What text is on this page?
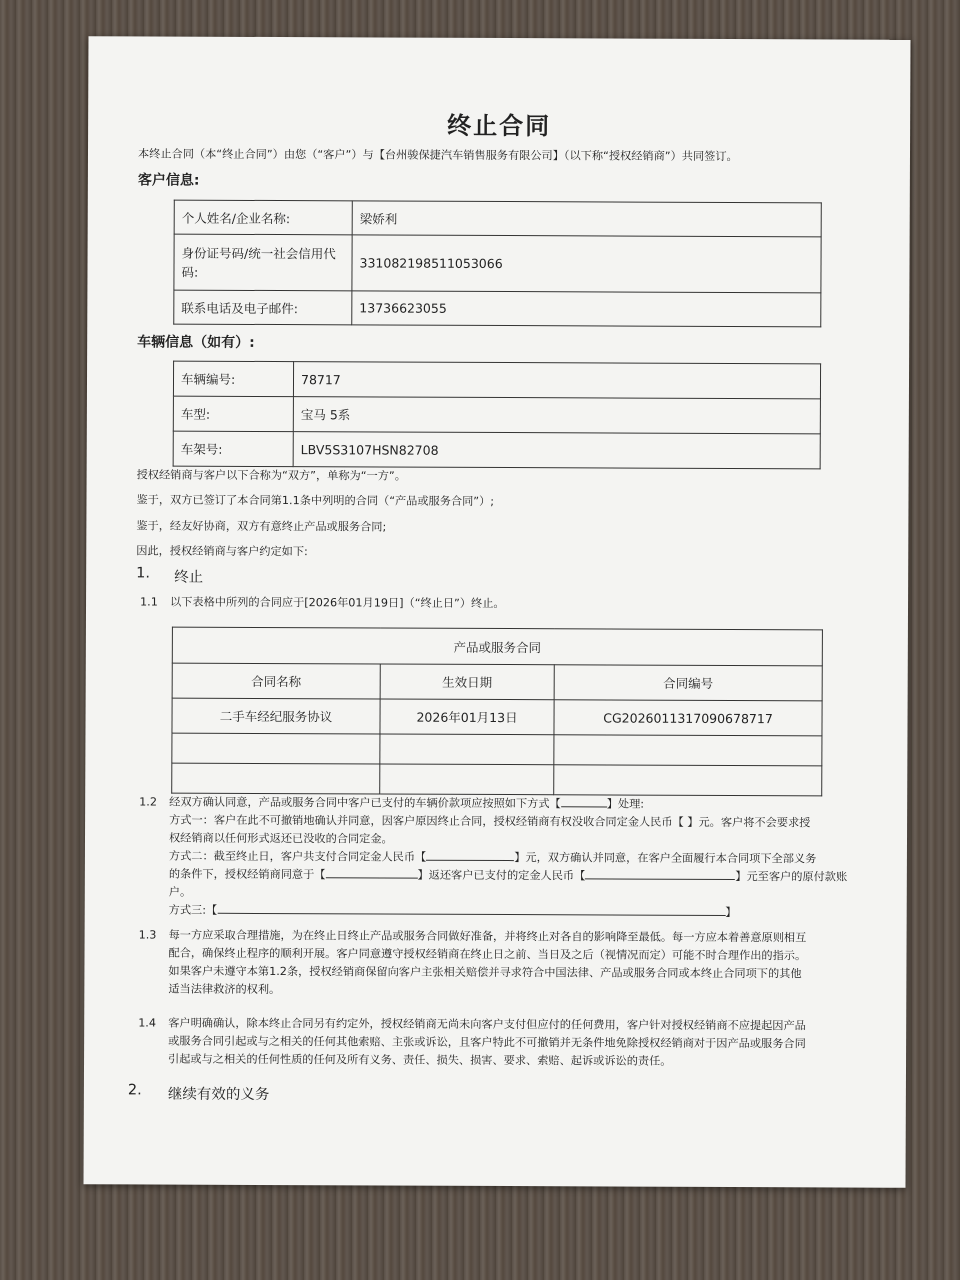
终止合同
本终止合同（本“终止合同”）由您（“客户”）与【台州骏保捷汽车销售服务有限公司】（以下称“授权经销商”）共同签订。
客户信息:
个人姓名/企业名称:	梁娇利
身份证号码/统一社会信用代码:	331082198511053066
联系电话及电子邮件:	13736623055
车辆信息（如有）:
车辆编号:	78717
车型:	宝马 5系
车架号:	LBV5S3107HSN82708
授权经销商与客户以下合称为“双方”，单称为“一方”。
鉴于，双方已签订了本合同第1.1条中列明的合同（“产品或服务合同”）;
鉴于，经友好协商，双方有意终止产品或服务合同;
因此，授权经销商与客户约定如下:
1. 终止
1.1 以下表格中所列的合同应于[2026年01月19日]（“终止日”）终止。
产品或服务合同		
合同名称	生效日期	合同编号
二手车经纪服务协议	2026年01月13日	CG2026011317090678717

1.2 经双方确认同意，产品或服务合同中客户已支付的车辆价款项应按照如下方式【	】处理:
方式一：客户在此不可撤销地确认并同意，因客户原因终止合同，授权经销商有权没收合同定金人民币【 】元。客户将不会要求授
权经销商以任何形式返还已没收的合同定金。
方式二：截至终止日，客户共支付合同定金人民币【	】元，双方确认并同意，在客户全面履行本合同项下全部义务
的条件下，授权经销商同意于【	】返还客户已支付的定金人民币【	】元至客户的原付款账
户。
方式三:【	】
1.3 每一方应采取合理措施，为在终止日终止产品或服务合同做好准备，并将终止对各自的影响降至最低。每一方应本着善意原则相互
配合，确保终止程序的顺利开展。客户同意遵守授权经销商在终止日之前、当日及之后（视情况而定）可能不时合理作出的指示。
如果客户未遵守本第1.2条，授权经销商保留向客户主张相关赔偿并寻求符合中国法律、产品或服务合同或本终止合同项下的其他
适当法律救济的权利。
1.4 客户明确确认，除本终止合同另有约定外，授权经销商无尚未向客户支付但应付的任何费用，客户针对授权经销商不应提起因产品
或服务合同引起或与之相关的任何其他索赔、主张或诉讼，且客户特此不可撤销并无条件地免除授权经销商对于因产品或服务合同
引起或与之相关的任何性质的任何及所有义务、责任、损失、损害、要求、索赔、起诉或诉讼的责任。
2. 继续有效的义务
